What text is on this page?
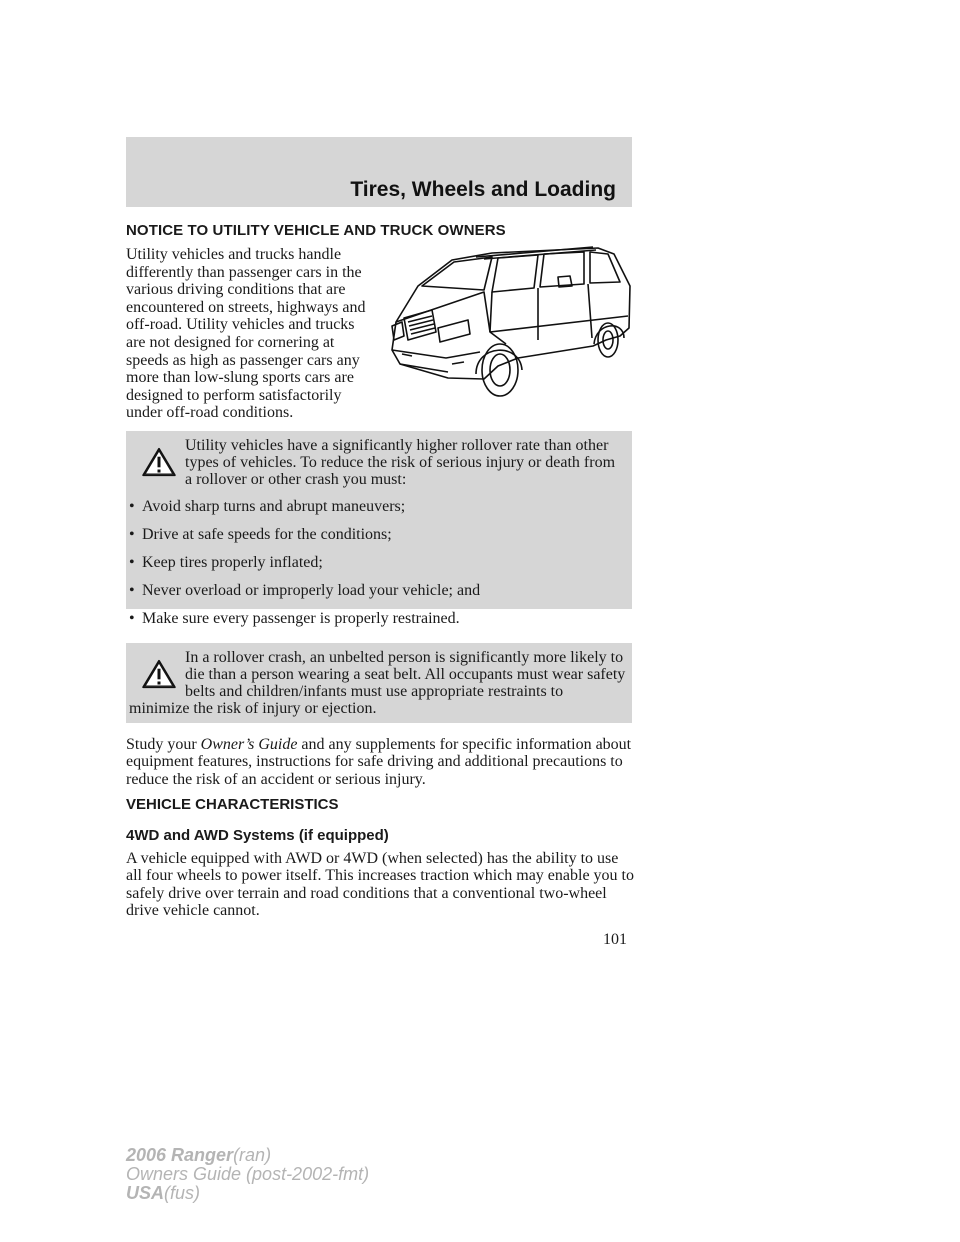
Tires, Wheels and Loading
NOTICE TO UTILITY VEHICLE AND TRUCK OWNERS

Utility vehicles and trucks handle differently than passenger cars in the various driving conditions that are encountered on streets, highways and off-road. Utility vehicles and trucks are not designed for cornering at speeds as high as passenger cars any more than low-slung sports cars are designed to perform satisfactorily under off-road conditions.

Utility vehicles have a significantly higher rollover rate than other types of vehicles. To reduce the risk of serious injury or death from a rollover or other crash you must:

• Avoid sharp turns and abrupt maneuvers;
• Drive at safe speeds for the conditions;
• Keep tires properly inflated;
• Never overload or improperly load your vehicle; and
• Make sure every passenger is properly restrained.

In a rollover crash, an unbelted person is significantly more likely to die than a person wearing a seat belt. All occupants must wear safety belts and children/infants must use appropriate restraints to minimize the risk of injury or ejection.

Study your Owner’s Guide and any supplements for specific information about equipment features, instructions for safe driving and additional precautions to reduce the risk of an accident or serious injury.

VEHICLE CHARACTERISTICS
4WD and AWD Systems (if equipped)

A vehicle equipped with AWD or 4WD (when selected) has the ability to use all four wheels to power itself. This increases traction which may enable you to safely drive over terrain and road conditions that a conventional two-wheel drive vehicle cannot.

101

2006 Ranger(ran)
Owners Guide (post-2002-fmt)
USA(fus)
